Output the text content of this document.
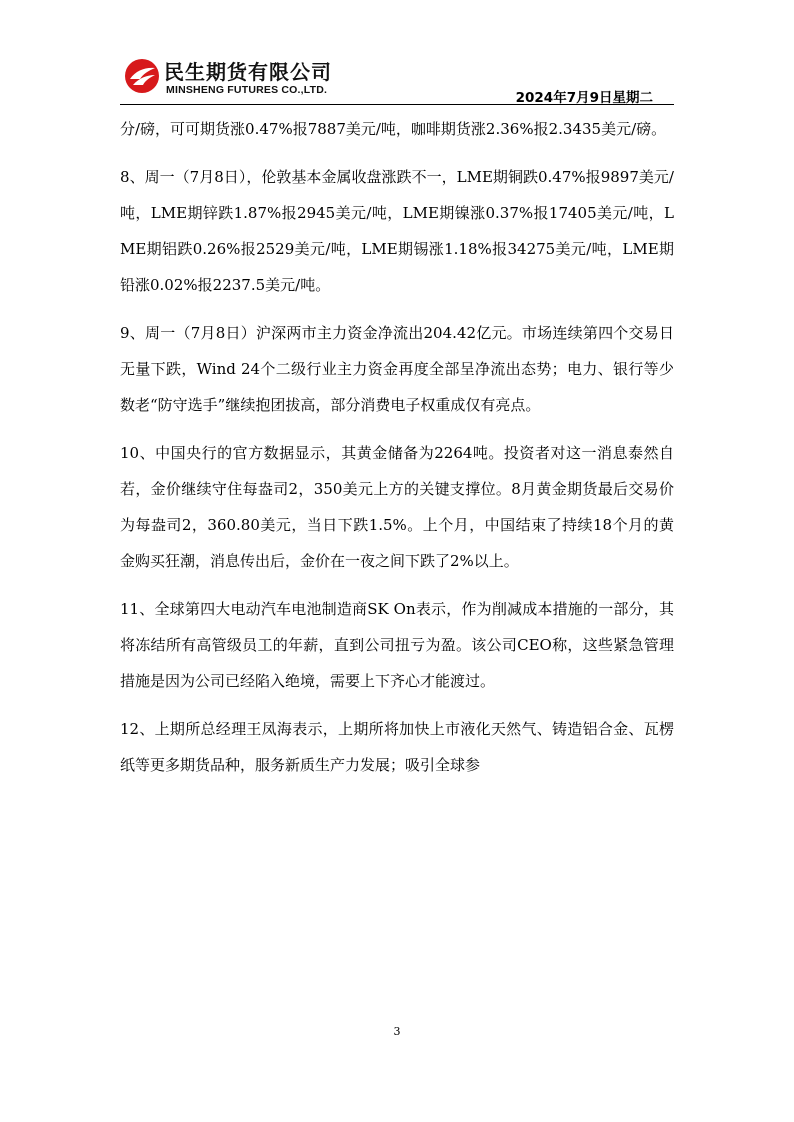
民生期货有限公司
MINSHENG FUTURES CO.,LTD.	2024年7月9日星期二

分/磅，可可期货涨0.47%报7887美元/吨，咖啡期货涨2.36%报2.3435美元/磅。

8、周一（7月8日），伦敦基本金属收盘涨跌不一，LME期铜跌0.47%报9897美元/吨，LME期锌跌1.87%报2945美元/吨，LME期镍涨0.37%报17405美元/吨，LME期铝跌0.26%报2529美元/吨，LME期锡涨1.18%报34275美元/吨，LME期铅涨0.02%报2237.5美元/吨。

9、周一（7月8日）沪深两市主力资金净流出204.42亿元。市场连续第四个交易日无量下跌，Wind 24个二级行业主力资金再度全部呈净流出态势；电力、银行等少数老“防守选手”继续抱团拔高，部分消费电子权重成仅有亮点。

10、中国央行的官方数据显示，其黄金储备为2264吨。投资者对这一消息泰然自若，金价继续守住每盎司2，350美元上方的关键支撑位。8月黄金期货最后交易价为每盎司2，360.80美元，当日下跌1.5%。上个月，中国结束了持续18个月的黄金购买狂潮，消息传出后，金价在一夜之间下跌了2%以上。

11、全球第四大电动汽车电池制造商SK On表示，作为削减成本措施的一部分，其将冻结所有高管级员工的年薪，直到公司扭亏为盈。该公司CEO称，这些紧急管理措施是因为公司已经陷入绝境，需要上下齐心才能渡过。

12、上期所总经理王凤海表示，上期所将加快上市液化天然气、铸造铝合金、瓦楞纸等更多期货品种，服务新质生产力发展；吸引全球参

3
